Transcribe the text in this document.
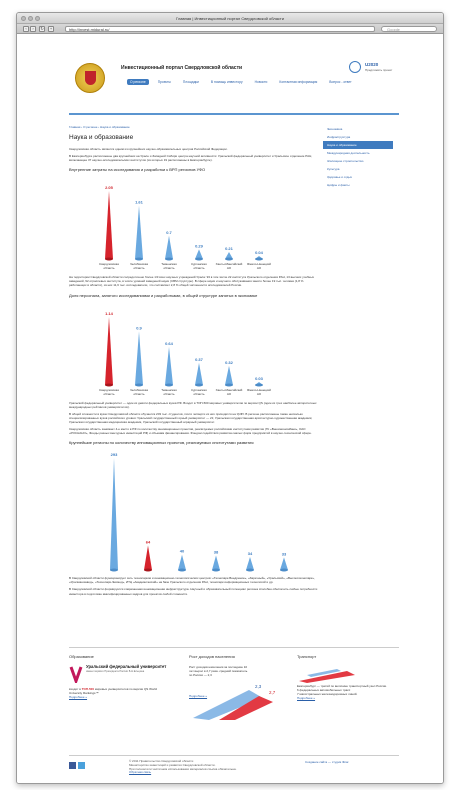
Главная | Инвестиционный портал Свердловской области
‹	›	↻	+	http://invest.midural.ru/	Google
Инвестиционный портал Свердловской области
U2020
Предложить проект
О регионе	Проекты	Площадки	В помощь инвестору	Новости	Контактная информация	Вопрос - ответ
Главная › О регионе › Наука и образование
Наука и образование

Свердловская область является одним из крупнейших научно-образовательных центров Российской Федерации.

В Екатеринбурге расположены два крупнейших на Урале и Западной Сибири центра научной активности: Уральский федеральный университет и Уральское отделение РАН, включающее 37 научно-исследовательских институтов (из которых 19 расположены в Екатеринбурге).

Внутренние затраты на исследования и разработки к ВРП регионов УФО
2.05
Свердловская
область
1.61
Челябинская
область
0.7
Тюменская
область
0.29
Курганская
область
0.21
Ханты-Мансийский
АО
0.04
Ямало-Ненецкий
АО

На территории Свердловской области сосредоточено более 1/3 всех научных учреждений Урала: 93 в том числе 22 института Уральского отделения РАН, 13 высших учебных заведений, 92 отраслевых института, в числе уровней заведений науки (СВМ структуре). В сфере науки и научного обслуживания занято более 19 тыс. человек (1,8 % работающих в области), из них 11,6 тыс. исследователи, что составляет 2,8 % общей численности исследователей России.

Доля персонала, занятого исследованиями и разработками, в общей структуре занятых в экономике
1.14
Свердловская
область
0.9
Челябинская
область
0.64
Тюменская
область
0.37
Курганская
область
0.32
Ханты-Мансийский
АО
0.03
Ямало-Ненецкий
АО

Уральский федеральный университет — один из девяти федеральных вузов РФ. Входит в ТОП-500 мировых университетов по версии QS (один из трех наиболее авторитетных международных рейтингов университетов).

В общей сложности в вузах Свердловской области обучается 203 тыс. студентов, почти четверти из них приходится на УрФУ. В регионе расположены также несколько специализированных вузов российского уровня: Уральский государственный горный университет — 21; Уральская государственная архитектурно-художественная академия; Уральская государственная медицинская академия, Уральский государственный аграрный университет.

Свердловская область занимает 4-е место в РФ по количеству инновационных проектов, реализуемых российскими институтами развития (ГК «Внешэкономбанк», ОАО «РОСНАНО», Фонды разных венчурных инвестиций РФ) и объемам финансирования. Фондом содействия развитию малых форм предприятий в научно-технической сфере.

Крупнейшие регионы по количеству инновационных проектов, реализуемых институтами развития
293
64
40	38	34	33

В Свердловской области функционирует сеть технопарков и инновационно-технологических центров: «Технопарк-Внедрение», «Заречный», «Уральский», «Высокотехнопарк», «Уралмашзавод», «Технопарк-Экомед», ИТЦ «Академический» на базе Уральского отделения РАН, технопарк информационных технологий и др.

В Свердловской области формируется современная инновационная инфраструктура. Научный и образовательный потенциал региона способен обеспечить любые потребности инвестора в подготовке квалифицированных кадров для проектов любой сложности.

Экономика
Инфраструктура
Наука и образование
Международная деятельность
Жилищное строительство
Культура
Здоровье и отдых
Цифры и факты
Образование
Уральский федеральный университет
имени первого Президента России Б.Н.Ельцина

входит в ТОП-500 мировых университетов по версии QS World University Rankings™

Подробнее »
Рост доходов населения

Рост доходов населения за последние 10 лет вырос в 2,7 раза. средний показатель по России — 2,3

2,3
2,7
Подробнее »
Транспорт

Екатеринбург — третий по величине транспортный узел России.

6 федеральных автомобильных трасс

7 магистральных железнодорожных линий.

Подробнее »
© 2011 Правительство Свердловской области
Министерство инвестиций и развития Свердловской области.
При полном или частичном использовании материалов ссылка обязательна.
Обратная связь
Создание сайта — студия Флаг
